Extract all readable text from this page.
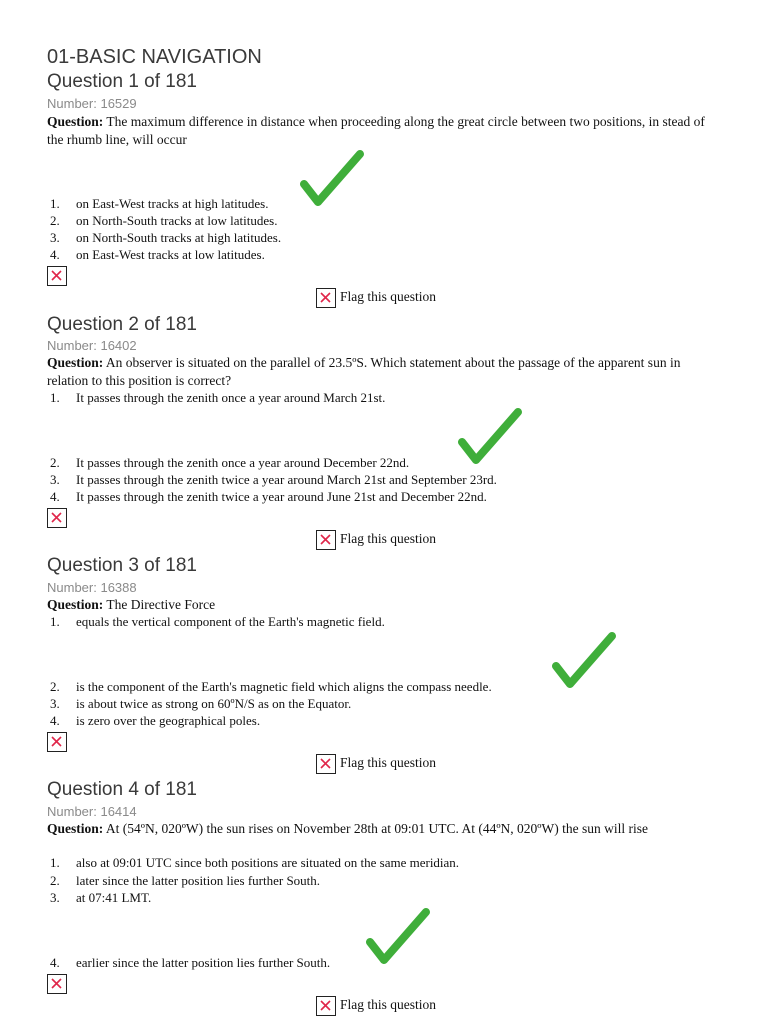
01-BASIC NAVIGATION
Question 1 of 181
Number: 16529
Question: The maximum difference in distance when proceeding along the great circle between two positions, in stead of the rhumb line, will occur
1. on East-West tracks at high latitudes.
2. on North-South tracks at low latitudes.
3. on North-South tracks at high latitudes.
4. on East-West tracks at low latitudes.
Flag this question
Question 2 of 181
Number: 16402
Question: An observer is situated on the parallel of 23.5ºS. Which statement about the passage of the apparent sun in relation to this position is correct?
1. It passes through the zenith once a year around March 21st.
2. It passes through the zenith once a year around December 22nd.
3. It passes through the zenith twice a year around March 21st and September 23rd.
4. It passes through the zenith twice a year around June 21st and December 22nd.
Flag this question
Question 3 of 181
Number: 16388
Question: The Directive Force
1. equals the vertical component of the Earth's magnetic field.
2. is the component of the Earth's magnetic field which aligns the compass needle.
3. is about twice as strong on 60ºN/S as on the Equator.
4. is zero over the geographical poles.
Flag this question
Question 4 of 181
Number: 16414
Question: At (54ºN, 020ºW) the sun rises on November 28th at 09:01 UTC. At (44ºN, 020ºW) the sun will rise
1. also at 09:01 UTC since both positions are situated on the same meridian.
2. later since the latter position lies further South.
3. at 07:41 LMT.
4. earlier since the latter position lies further South.
Flag this question
